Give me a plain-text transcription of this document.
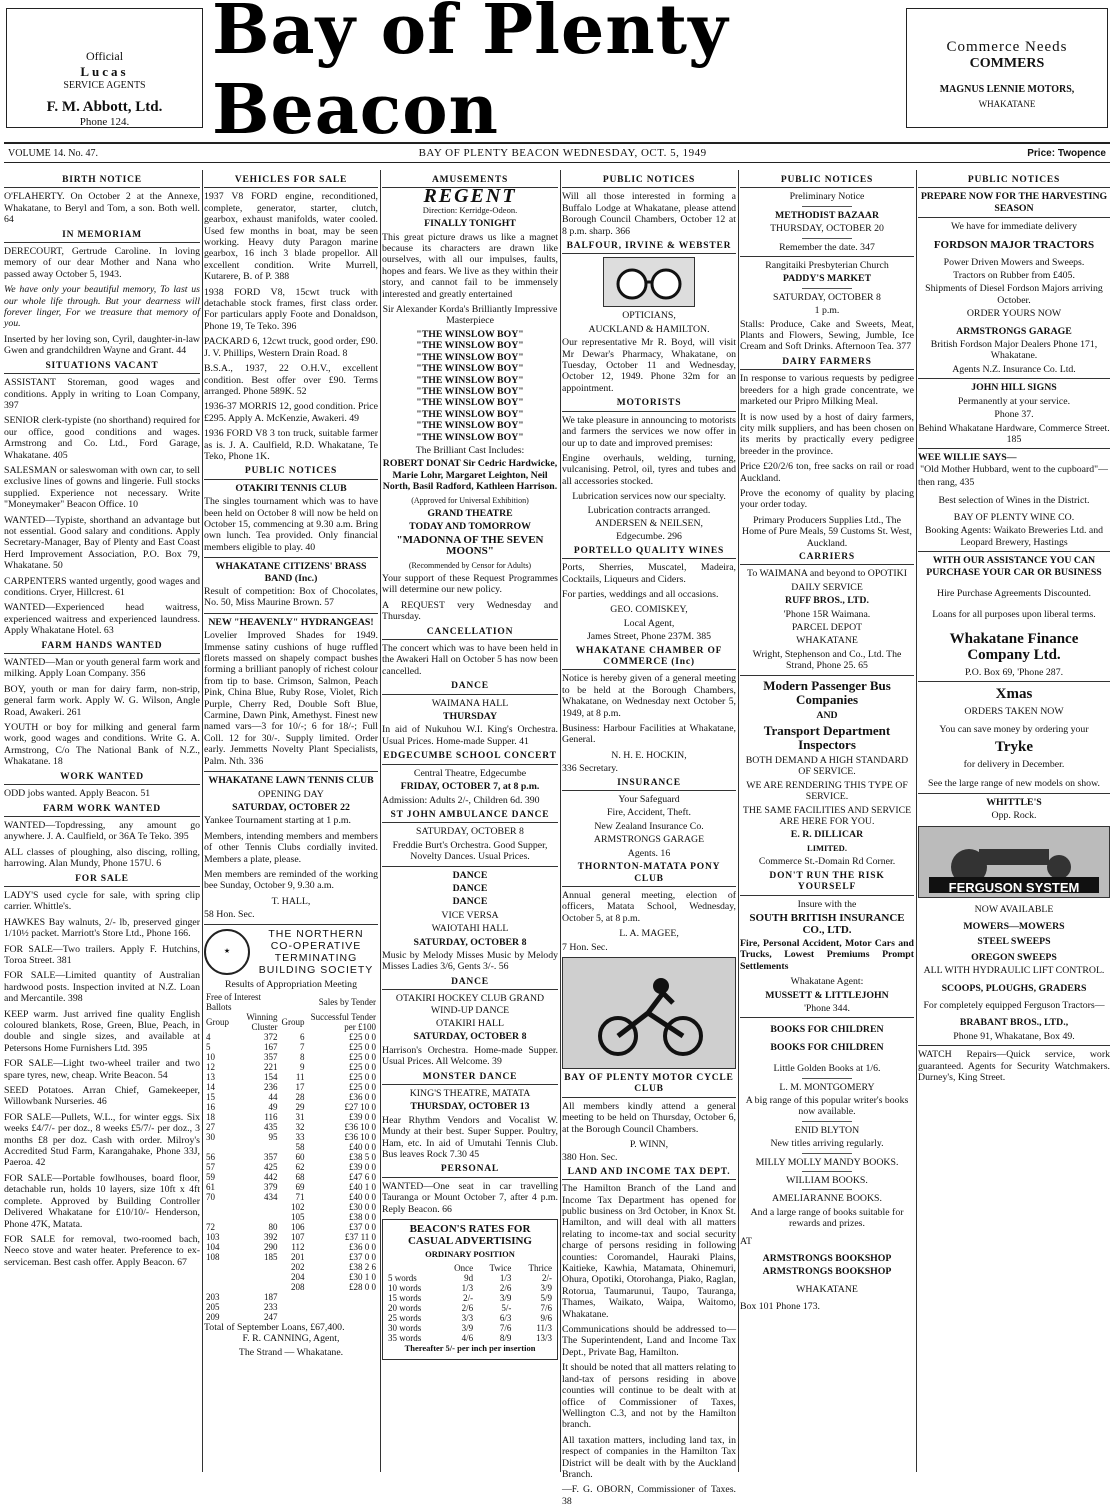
Official
Lucas
SERVICE AGENTS
F. M. Abbott, Ltd.
Phone 124.
Bay of Plenty Beacon
Commerce Needs
COMMERS
MAGNUS LENNIE MOTORS,
WHAKATANE
VOLUME 14. No. 47.	BAY OF PLENTY BEACON WEDNESDAY, OCT. 5, 1949	Price: Twopence
BIRTH NOTICE

O'FLAHERTY. On October 2 at the Annexe, Whakatane, to Beryl and Tom, a son. Both well. 64

IN MEMORIAM

DERECOURT, Gertrude Caroline. In loving memory of our dear Mother and Nana who passed away October 5, 1943.

We have only your beautiful memory, To last us our whole life through. But your dearness will forever linger, For we treasure that memory of you.

Inserted by her loving son, Cyril, daughter-in-law Gwen and grandchildren Wayne and Grant. 44

SITUATIONS VACANT

ASSISTANT Storeman, good wages and conditions. Apply in writing to Loan Company, 397

SENIOR clerk-typiste (no shorthand) required for our office, good conditions and wages. Armstrong and Co. Ltd., Ford Garage, Whakatane. 405

SALESMAN or saleswoman with own car, to sell exclusive lines of gowns and lingerie. Full stocks supplied. Experience not necessary. Write "Moneymaker" Beacon Office. 10

WANTED—Typiste, shorthand an advantage but not essential. Good salary and conditions. Apply Secretary-Manager, Bay of Plenty and East Coast Herd Improvement Association, P.O. Box 79, Whakatane. 50

CARPENTERS wanted urgently, good wages and conditions. Cryer, Hillcrest. 61

WANTED—Experienced head waitress, experienced waitress and experienced laundress. Apply Whakatane Hotel. 63

FARM HANDS WANTED

WANTED—Man or youth general farm work and milking. Apply Loan Company. 356

BOY, youth or man for dairy farm, non-strip, general farm work. Apply W. G. Wilson, Angle Road, Awakeri. 261

YOUTH or boy for milking and general farm work, good wages and conditions. Write G. A. Armstrong, C/o The National Bank of N.Z., Whakatane. 18

WORK WANTED

ODD jobs wanted. Apply Beacon. 51

FARM WORK WANTED

WANTED—Topdressing, any amount go anywhere. J. A. Caulfield, or 36A Te Teko. 395

ALL classes of ploughing, also discing, rolling, harrowing. Alan Mundy, Phone 157U. 6

FOR SALE

LADY'S used cycle for sale, with spring clip carrier. Whittle's.

HAWKES Bay walnuts, 2/- lb, preserved ginger 1/10½ packet. Marriott's Store Ltd., Phone 166.

FOR SALE—Two trailers. Apply F. Hutchins, Toroa Street. 381

FOR SALE—Limited quantity of Australian hardwood posts. Inspection invited at N.Z. Loan and Mercantile. 398

KEEP warm. Just arrived fine quality English coloured blankets, Rose, Green, Blue, Peach, in double and single sizes, and available at Petersons Home Furnishers Ltd. 395

FOR SALE—Light two-wheel trailer and two spare tyres, new, cheap. Write Beacon. 54

SEED Potatoes. Arran Chief, Gamekeeper, Willowbank Nurseries. 46

FOR SALE—Pullets, W.L., for winter eggs. Six weeks £4/7/- per doz., 8 weeks £5/7/- per doz., 3 months £8 per doz. Cash with order. Milroy's Accredited Stud Farm, Karangahake, Phone 33J, Paeroa. 42

FOR SALE—Portable fowlhouses, board floor, detachable run, holds 10 layers, size 10ft x 4ft complete. Approved by Building Controller Delivered Whakatane for £10/10/- Henderson, Phone 47K, Matata.

FOR SALE for removal, two-roomed bach, Neeco stove and water heater. Preference to ex-serviceman. Best cash offer. Apply Beacon. 67

VEHICLES FOR SALE

1937 V8 FORD engine, reconditioned, complete, generator, starter, clutch, gearbox, exhaust manifolds, water cooled. Used few months in boat, may be seen working. Heavy duty Paragon marine gearbox, 16 inch 3 blade propellor. All excellent condition. Write Murrell, Kutarere, B. of P. 388

1938 FORD V8, 15cwt truck with detachable stock frames, first class order. For particulars apply Foote and Donaldson, Phone 19, Te Teko. 396

PACKARD 6, 12cwt truck, good order, £90. J. V. Phillips, Western Drain Road. 8

B.S.A., 1937, 22 O.H.V., excellent condition. Best offer over £90. Terms arranged. Phone 589K. 52

1936-37 MORRIS 12, good condition. Price £295. Apply A. McKenzie, Awakeri. 49

1936 FORD V8 3 ton truck, suitable farmer as is. J. A. Caulfield, R.D. Whakatane, Te Teko, Phone 1K.

PUBLIC NOTICES
OTAKIRI TENNIS CLUB

The singles tournament which was to have been held on October 8 will now be held on October 15, commencing at 9.30 a.m. Bring own lunch. Tea provided. Only financial members eligible to play. 40

WHAKATANE CITIZENS' BRASS BAND (Inc.)

Result of competition: Box of Chocolates, No. 50, Miss Maurine Brown. 57

NEW "HEAVENLY" HYDRANGEAS!

Lovelier Improved Shades for 1949. Immense satiny cushions of huge ruffled florets massed on shapely compact bushes forming a brilliant panoply of richest colour from tip to base. Crimson, Salmon, Peach Pink, China Blue, Ruby Rose, Violet, Rich Purple, Cherry Red, Double Soft Blue, Carmine, Dawn Pink, Amethyst. Finest new named vars—3 for 10/-; 6 for 18/-; Full Coll. 12 for 30/-. Supply limited. Order early. Jemmetts Novelty Plant Specialists, Palm. Nth. 336

WHAKATANE LAWN TENNIS CLUB
OPENING DAY
SATURDAY, OCTOBER 22

Yankee Tournament starting at 1 p.m.

Members, intending members and members of other Tennis Clubs cordially invited. Members a plate, please.

Men members are reminded of the working bee Sunday, October 9, 9.30 a.m.

T. HALL,
58 Hon. Sec.
★
THE NORTHERN
CO-OPERATIVE
TERMINATING
BUILDING SOCIETY
Results of Appropriation Meeting
Free of Interest Ballots		Sales by Tender	
Group	Winning Cluster	Group	Successful Tender per £100
4	372	6	£25 0 0
5	167	7	£25 0 0
10	357	8	£25 0 0
12	221	9	£25 0 0
13	154	11	£25 0 0
14	236	17	£25 0 0
15	44	28	£36 0 0
16	49	29	£27 10 0
18	116	31	£39 0 0
27	435	32	£36 10 0
30	95	33	£36 10 0
		58	£40 0 0
56	357	60	£38 5 0
57	425	62	£39 0 0
59	442	68	£47 6 0
61	379	69	£40 1 0
70	434	71	£40 0 0
		102	£30 0 0
		105	£38 0 0
72	80	106	£37 0 0
103	392	107	£37 11 0
104	290	112	£36 0 0
108	185	201	£37 0 0
		202	£38 2 6
		204	£30 1 0
		208	£28 0 0
203	187		
205	233		
209	247		
Total of September Loans, £67,400.
F. R. CANNING, Agent,
The Strand — Whakatane.
AMUSEMENTS
REGENT
Direction: Kerridge-Odeon.
FINALLY TONIGHT

This great picture draws us like a magnet because its characters are drawn like ourselves, with all our impulses, faults, hopes and fears. We live as they within their story, and cannot fail to be immensely interested and greatly entertained

Sir Alexander Korda's Brilliantly Impressive Masterpiece
"THE WINSLOW BOY"
"THE WINSLOW BOY"
"THE WINSLOW BOY"
"THE WINSLOW BOY"
"THE WINSLOW BOY"
"THE WINSLOW BOY"
"THE WINSLOW BOY"
"THE WINSLOW BOY"
"THE WINSLOW BOY"
"THE WINSLOW BOY"
The Brilliant Cast Includes:
ROBERT DONAT Sir Cedric Hardwicke, Marie Lohr, Margaret Leighton, Neil North, Basil Radford, Kathleen Harrison.
(Approved for Universal Exhibition)
GRAND THEATRE
TODAY AND TOMORROW
"MADONNA OF THE SEVEN MOONS"
(Recommended by Censor for Adults)

Your support of these Request Programmes will determine our new policy.

A REQUEST very Wednesday and Thursday.

CANCELLATION

The concert which was to have been held in the Awakeri Hall on October 5 has now been cancelled.

DANCE
WAIMANA HALL
THURSDAY

In aid of Nukuhou W.I. King's Orchestra. Usual Prices. Home-made Supper. 41

EDGECUMBE SCHOOL CONCERT
Central Theatre, Edgecumbe
FRIDAY, OCTOBER 7, at 8 p.m.

Admission: Adults 2/-, Children 6d. 390

ST JOHN AMBULANCE DANCE
SATURDAY, OCTOBER 8
Freddie Burt's Orchestra. Good Supper, Novelty Dances. Usual Prices.
DANCE
DANCE
DANCE
VICE VERSA
WAIOTAHI HALL
SATURDAY, OCTOBER 8

Music by Melody Misses Music by Melody Misses Ladies 3/6, Gents 3/-. 56

DANCE
OTAKIRI HOCKEY CLUB GRAND WIND-UP DANCE
OTAKIRI HALL
SATURDAY, OCTOBER 8

Harrison's Orchestra. Home-made Supper. Usual Prices. All Welcome. 39

MONSTER DANCE
KING'S THEATRE, MATATA
THURSDAY, OCTOBER 13

Hear Rhythm Vendors and Vocalist W. Mundy at their best. Super Supper. Poultry, Ham, etc. In aid of Umutahi Tennis Club. Bus leaves Rock 7.30 45

PERSONAL

WANTED—One seat in car travelling Tauranga or Mount October 7, after 4 p.m. Reply Beacon. 66

BEACON'S RATES FOR CASUAL ADVERTISING
ORDINARY POSITION
	Once	Twice	Thrice
5 words	9d	1/3	2/-
10 words	1/3	2/6	3/9
15 words	2/-	3/9	5/9
20 words	2/6	5/-	7/6
25 words	3/3	6/3	9/6
30 words	3/9	7/6	11/3
35 words	4/6	8/9	13/3
Thereafter 5/- per inch per insertion
PUBLIC NOTICES

Will all those interested in forming a Buffalo Lodge at Whakatane, please attend Borough Council Chambers, October 12 at 8 p.m. sharp. 366

BALFOUR, IRVINE & WEBSTER
OPTICIANS,
AUCKLAND & HAMILTON.

Our representative Mr R. Boyd, will visit Mr Dewar's Pharmacy, Whakatane, on Tuesday, October 11 and Wednesday, October 12, 1949. Phone 32m for an appointment.

MOTORISTS

We take pleasure in announcing to motorists and farmers the services we now offer in our up to date and improved premises:

Engine overhauls, welding, turning, vulcanising. Petrol, oil, tyres and tubes and all accessories stocked.

Lubrication services now our specialty.
Lubrication contracts arranged.
ANDERSEN & NEILSEN,
Edgecumbe. 296
PORTELLO QUALITY WINES

Ports, Sherries, Muscatel, Madeira, Cocktails, Liqueurs and Ciders.

For parties, weddings and all occasions.

GEO. COMISKEY,
Local Agent,
James Street, Phone 237M. 385
WHAKATANE CHAMBER OF COMMERCE (Inc)

Notice is hereby given of a general meeting to be held at the Borough Chambers, Whakatane, on Wednesday next October 5, 1949, at 8 p.m.

Business: Harbour Facilities at Whakatane, General.

N. H. E. HOCKIN,
336 Secretary.
INSURANCE
Your Safeguard
Fire, Accident, Theft.
New Zealand Insurance Co.
ARMSTRONGS GARAGE
Agents. 16
THORNTON-MATATA PONY CLUB

Annual general meeting, election of officers, Matata School, Wednesday, October 5, at 8 p.m.

L. A. MAGEE,
7 Hon. Sec.
BAY OF PLENTY MOTOR CYCLE CLUB

All members kindly attend a general meeting to be held on Thursday, October 6, at the Borough Council Chambers.

P. WINN,
380 Hon. Sec.
LAND AND INCOME TAX DEPT.

The Hamilton Branch of the Land and Income Tax Department has opened for public business on 3rd October, in Knox St. Hamilton, and will deal with all matters relating to income-tax and social security charge of persons residing in following counties: Coromandel, Hauraki Plains, Kaitieke, Kawhia, Matamata, Ohinemuri, Ohura, Opotiki, Otorohanga, Piako, Raglan, Rotorua, Taumarunui, Taupo, Tauranga, Thames, Waikato, Waipa, Waitomo, Whakatane.

Communications should be addressed to—The Superintendent, Land and Income Tax Dept., Private Bag, Hamilton.

It should be noted that all matters relating to land-tax of persons residing in above counties will continue to be dealt with at office of Commissioner of Taxes, Wellington C.3, and not by the Hamilton branch.

All taxation matters, including land tax, in respect of companies in the Hamilton Tax District will be dealt with by the Auckland Branch.

—F. G. OBORN, Commissioner of Taxes. 38

PUBLIC NOTICES
Preliminary Notice
METHODIST BAZAAR
THURSDAY, OCTOBER 20
Remember the date. 347
Rangitaiki Presbyterian Church
PADDY'S MARKET
SATURDAY, OCTOBER 8
1 p.m.

Stalls: Produce, Cake and Sweets, Meat, Plants and Flowers, Sewing, Jumble, Ice Cream and Soft Drinks. Afternoon Tea. 377

DAIRY FARMERS

In response to various requests by pedigree breeders for a high grade concentrate, we marketed our Pripro Milking Meal.

It is now used by a host of dairy farmers, city milk suppliers, and has been chosen on its merits by practically every pedigree breeder in the province.

Price £20/2/6 ton, free sacks on rail or road Auckland.

Prove the economy of quality by placing your order today.

Primary Producers Supplies Ltd., The Home of Pure Meals, 59 Customs St. West, Auckland.

CARRIERS
To WAIMANA and beyond to OPOTIKI
DAILY SERVICE
RUFF BROS., LTD.
'Phone 15R Waimana.
PARCEL DEPOT
WHAKATANE

Wright, Stephenson and Co., Ltd. The Strand, Phone 25. 65

Modern Passenger Bus Companies
AND
Transport Department Inspectors
BOTH DEMAND A HIGH STANDARD OF SERVICE.
WE ARE RENDERING THIS TYPE OF SERVICE.
THE SAME FACILITIES AND SERVICE ARE HERE FOR YOU.
E. R. DILLICAR
LIMITED.
Commerce St.-Domain Rd Corner.
DON'T RUN THE RISK YOURSELF
Insure with the
SOUTH BRITISH INSURANCE CO., LTD.

Fire, Personal Accident, Motor Cars and Trucks, Lowest Premiums Prompt Settlements

Whakatane Agent:
MUSSETT & LITTLEJOHN
'Phone 344.
BOOKS FOR CHILDREN
BOOKS FOR CHILDREN
Little Golden Books at 1/6.
L. M. MONTGOMERY
A big range of this popular writer's books now available.
ENID BLYTON
New titles arriving regularly.
MILLY MOLLY MANDY BOOKS.
WILLIAM BOOKS.
AMELIARANNE BOOKS.
And a large range of books suitable for rewards and prizes.
AT
ARMSTRONGS BOOKSHOP
ARMSTRONGS BOOKSHOP
WHAKATANE
Box 101 Phone 173.
PUBLIC NOTICES
PREPARE NOW FOR THE HARVESTING SEASON
We have for immediate delivery
FORDSON MAJOR TRACTORS
Power Driven Mowers and Sweeps.
Tractors on Rubber from £405.
Shipments of Diesel Fordson Majors arriving October.
ORDER YOURS NOW
ARMSTRONGS GARAGE
British Fordson Major Dealers Phone 171, Whakatane.
Agents N.Z. Insurance Co. Ltd.
JOHN HILL SIGNS
Permanently at your service.
Phone 37.
Behind Whakatane Hardware, Commerce Street. 185
WEE WILLIE SAYS—
"Old Mother Hubbard, went to the cupboard"—
then rang, 435
Best selection of Wines in the District.
BAY OF PLENTY WINE CO.
Booking Agents: Waikato Breweries Ltd. and Leopard Brewery, Hastings
WITH OUR ASSISTANCE YOU CAN PURCHASE YOUR CAR OR BUSINESS
Hire Purchase Agreements Discounted.
Loans for all purposes upon liberal terms.
Whakatane Finance Company Ltd.
P.O. Box 69, 'Phone 287.
Xmas
ORDERS TAKEN NOW
You can save money by ordering your
Tryke
for delivery in December.
See the large range of new models on show.
WHITTLE'S
Opp. Rock.
FERGUSON SYSTEM
NOW AVAILABLE
MOWERS—MOWERS
STEEL SWEEPS
OREGON SWEEPS
ALL WITH HYDRAULIC LIFT CONTROL.
SCOOPS, PLOUGHS, GRADERS
For completely equipped Ferguson Tractors—
BRABANT BROS., LTD.,
Phone 91, Whakatane, Box 49.

WATCH Repairs—Quick service, work guaranteed. Agents for Security Watchmakers. Durney's, King Street.
